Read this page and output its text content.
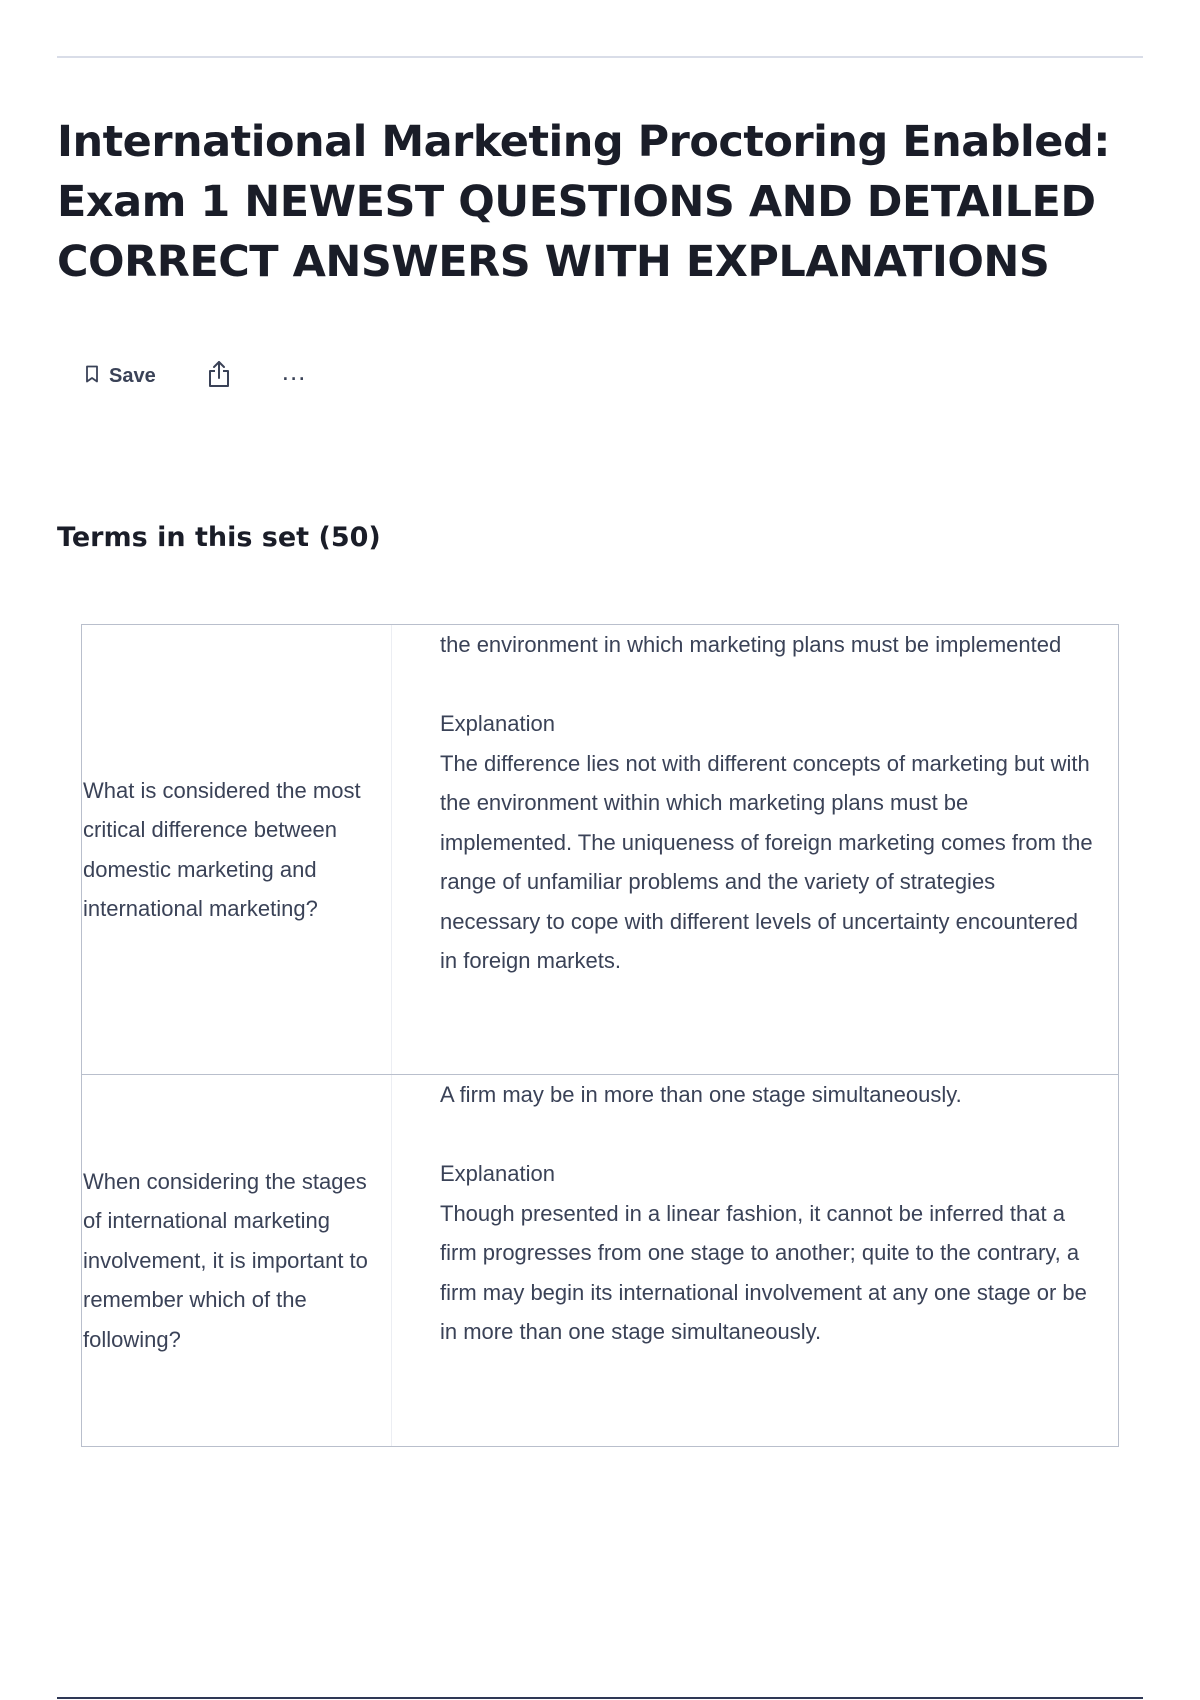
International Marketing Proctoring Enabled: Exam 1 NEWEST QUESTIONS AND DETAILED CORRECT ANSWERS WITH EXPLANATIONS
Save	...
Terms in this set (50)
What is considered the most critical difference between domestic marketing and international marketing?

the environment in which marketing plans must be implemented

Explanation

The difference lies not with different concepts of marketing but with the environment within which marketing plans must be implemented. The uniqueness of foreign marketing comes from the range of unfamiliar problems and the variety of strategies necessary to cope with different levels of uncertainty encountered in foreign markets.

When considering the stages of international marketing involvement, it is important to remember which of the following?

A firm may be in more than one stage simultaneously.

Explanation

Though presented in a linear fashion, it cannot be inferred that a firm progresses from one stage to another; quite to the contrary, a firm may begin its international involvement at any one stage or be in more than one stage simultaneously.
